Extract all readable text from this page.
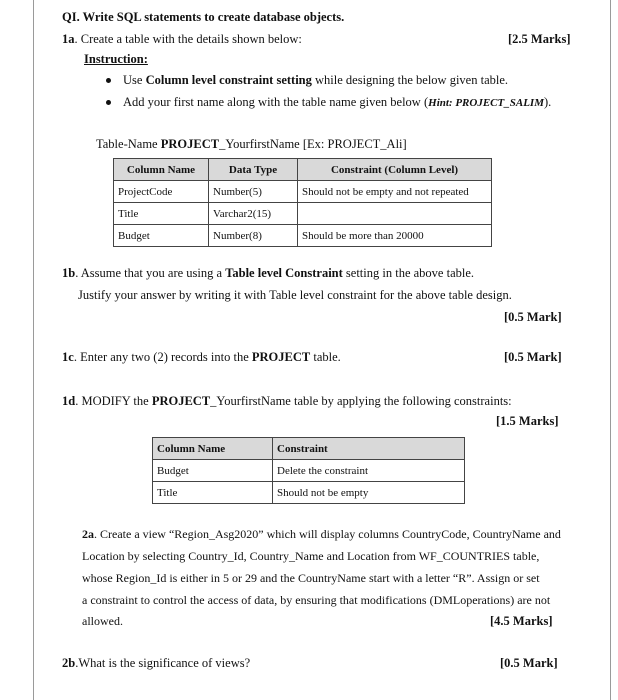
QI. Write SQL statements to create database objects.
1a. Create a table with the details shown below:	[2.5 Marks]
Instruction:
Use Column level constraint setting while designing the below given table.
Add your first name along with the table name given below (Hint: PROJECT_SALIM).
Table-Name PROJECT_YourfirstName [Ex: PROJECT_Ali]
Column Name	Data Type	Constraint (Column Level)
ProjectCode	Number(5)	Should not be empty and not repeated
Title	Varchar2(15)	
Budget	Number(8)	Should be more than 20000
1b. Assume that you are using a Table level Constraint setting in the above table.
Justify your answer by writing it with Table level constraint for the above table design.
[0.5 Mark]
1c. Enter any two (2) records into the PROJECT table.	[0.5 Mark]
1d. MODIFY the PROJECT_YourfirstName table by applying the following constraints:
[1.5 Marks]
Column Name	Constraint
Budget	Delete the constraint
Title	Should not be empty
2a. Create a view “Region_Asg2020” which will display columns CountryCode, CountryName and
Location by selecting Country_Id, Country_Name and Location from WF_COUNTRIES table,
whose Region_Id is either in 5 or 29 and the CountryName start with a letter “R”. Assign or set
a constraint to control the access of data, by ensuring that modifications (DMLoperations) are not
allowed.	[4.5 Marks]
2b.What is the significance of views?	[0.5 Mark]
